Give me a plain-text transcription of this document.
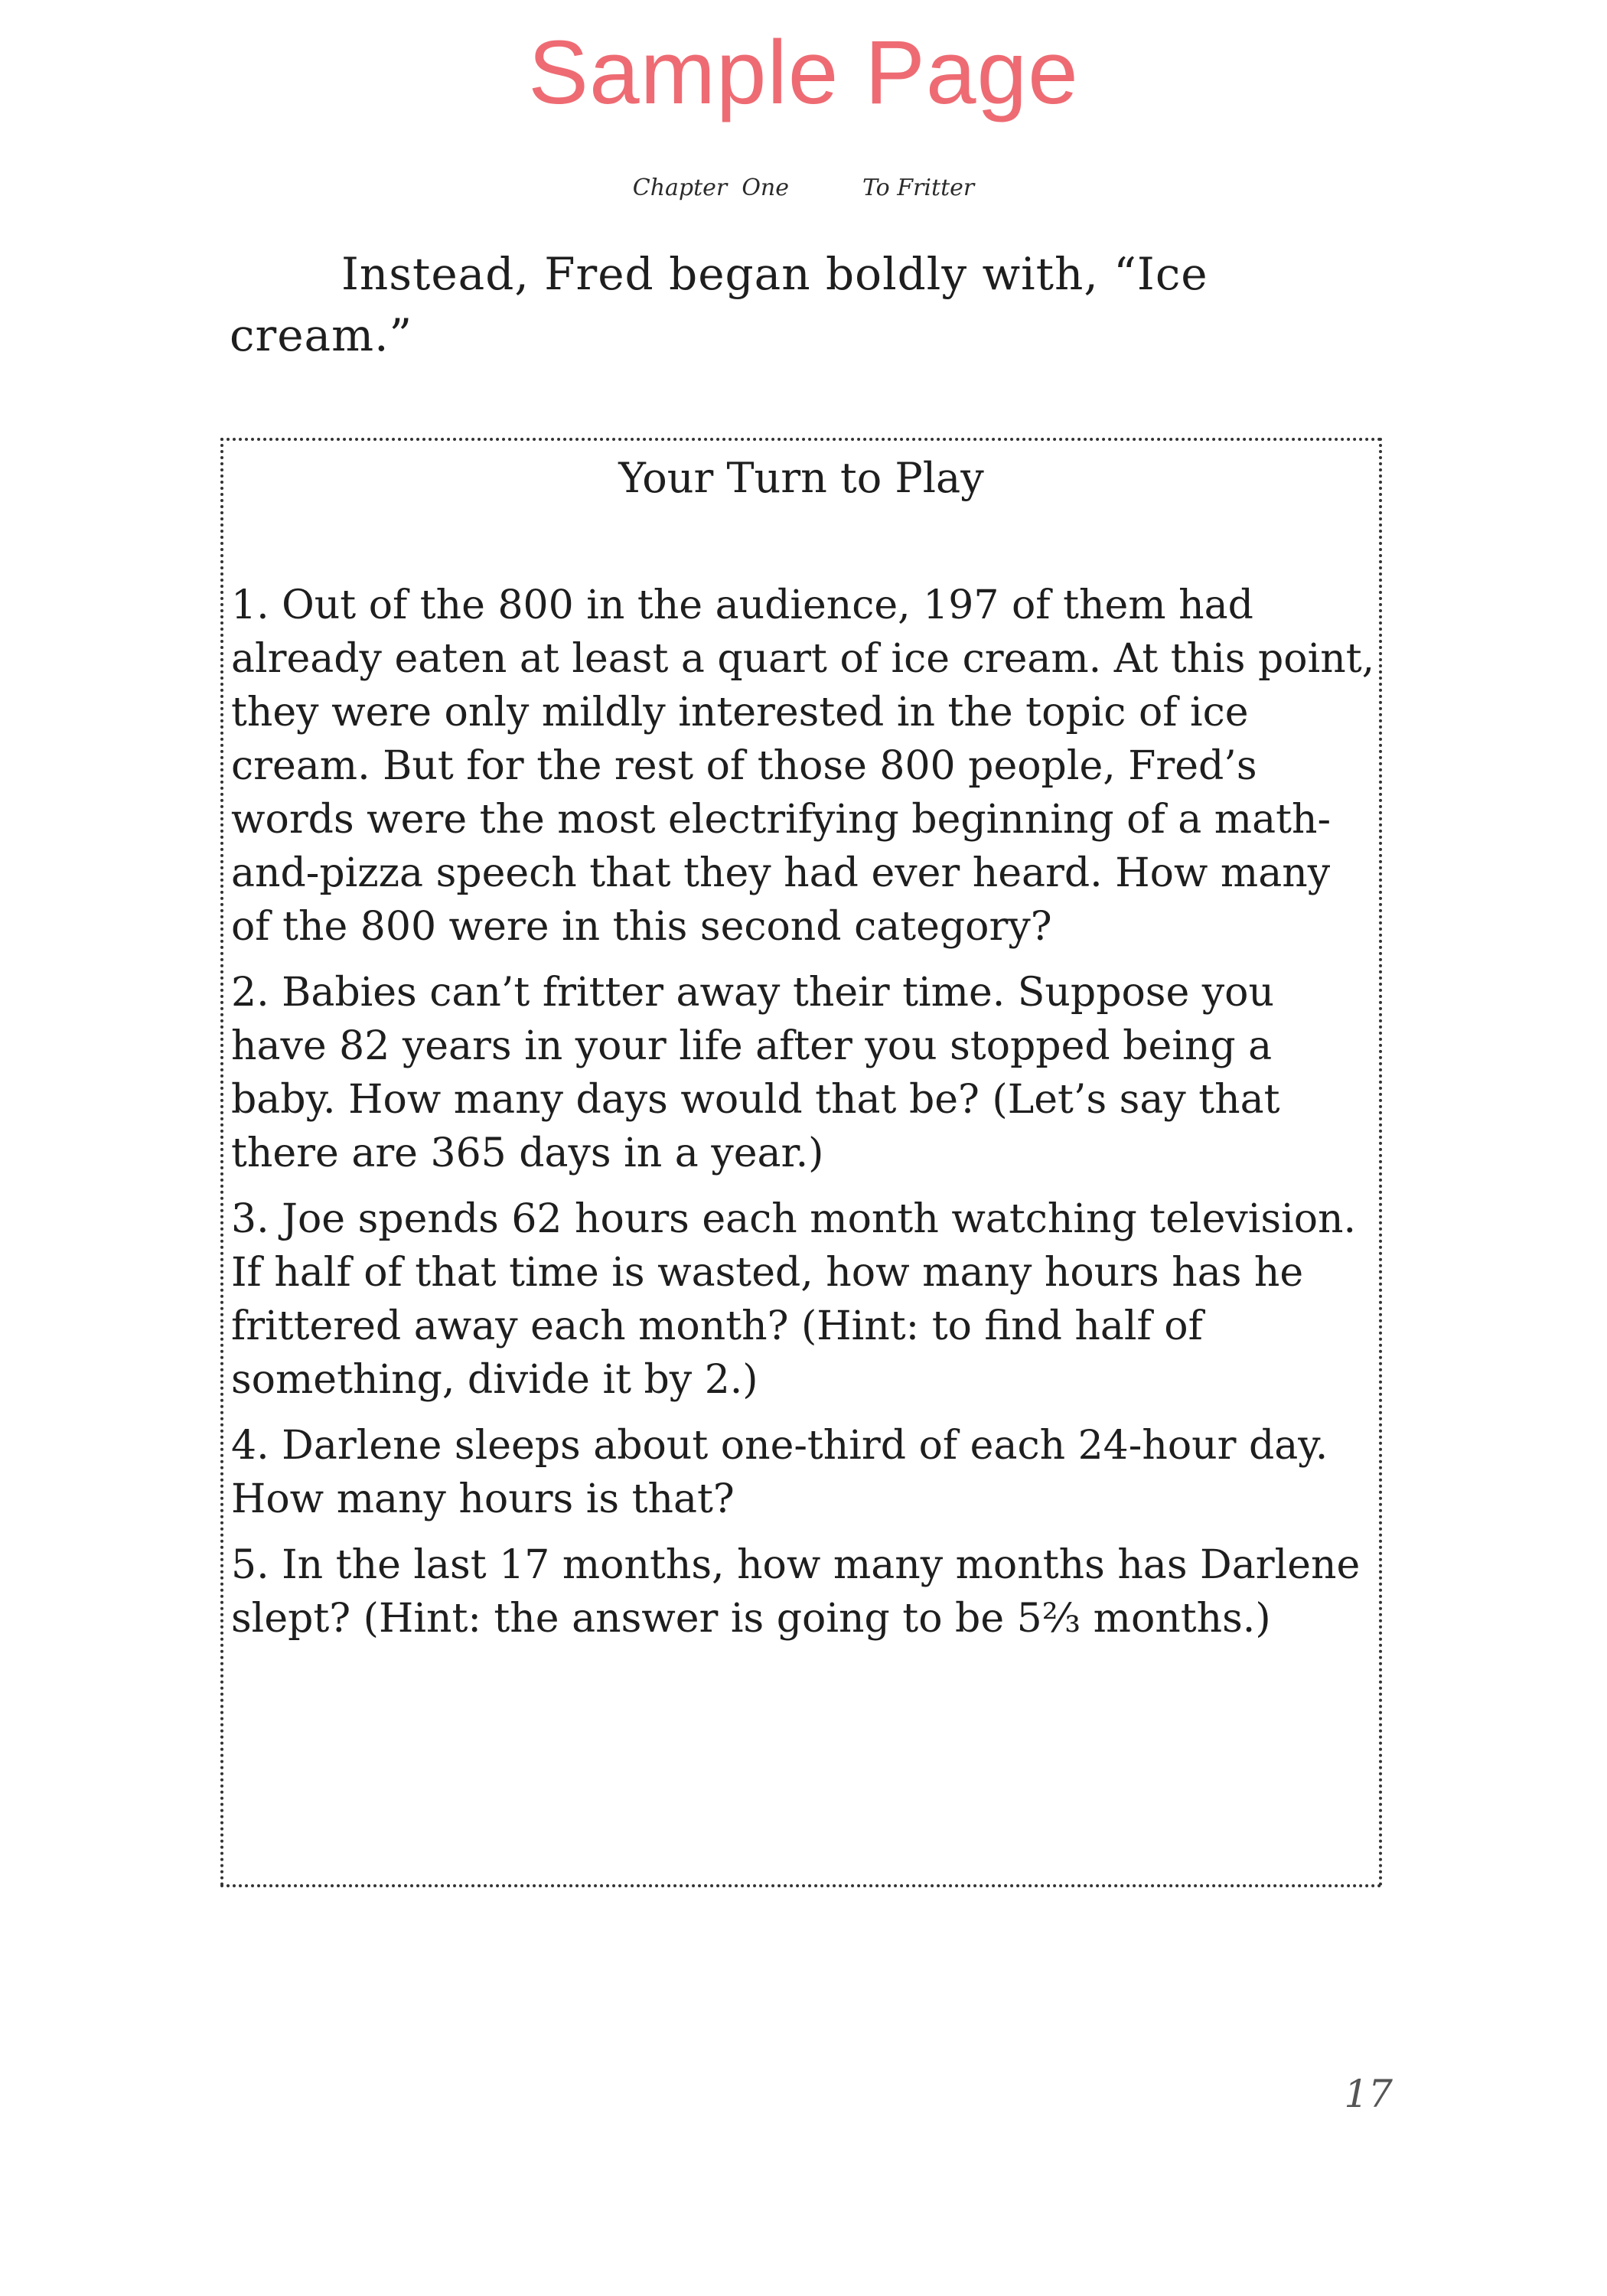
Sample Page
Chapter  One	To Fritter

Instead, Fred began boldly with, “Ice cream.”

Your Turn to Play
1. Out of the 800 in the audience, 197 of them had already eaten at least a quart of ice cream. At this point, they were only mildly interested in the topic of ice cream. But for the rest of those 800 people, Fred’s words were the most electrifying beginning of a math-and-pizza speech that they had ever heard. How many of the 800 were in this second category?
2. Babies can’t fritter away their time. Suppose you have 82 years in your life after you stopped being a baby. How many days would that be? (Let’s say that there are 365 days in a year.)
3. Joe spends 62 hours each month watching television. If half of that time is wasted, how many hours has he frittered away each month? (Hint: to find half of something, divide it by 2.)
4. Darlene sleeps about one-third of each 24-hour day. How many hours is that?
5. In the last 17 months, how many months has Darlene slept? (Hint: the answer is going to be 5⅔ months.)
17
